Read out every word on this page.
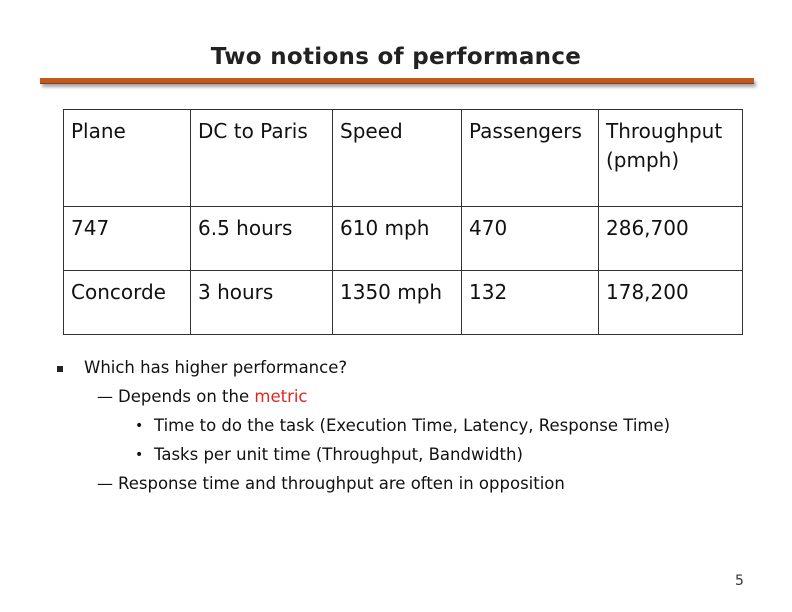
Two notions of performance
Plane	DC to Paris	Speed	Passengers	Throughput
(pmph)
747	6.5 hours	610 mph	470	286,700
Concorde	3 hours	1350 mph	132	178,200
Which has higher performance?
— Depends on the metric
• Time to do the task (Execution Time, Latency, Response Time)
• Tasks per unit time (Throughput, Bandwidth)
— Response time and throughput are often in opposition
5
